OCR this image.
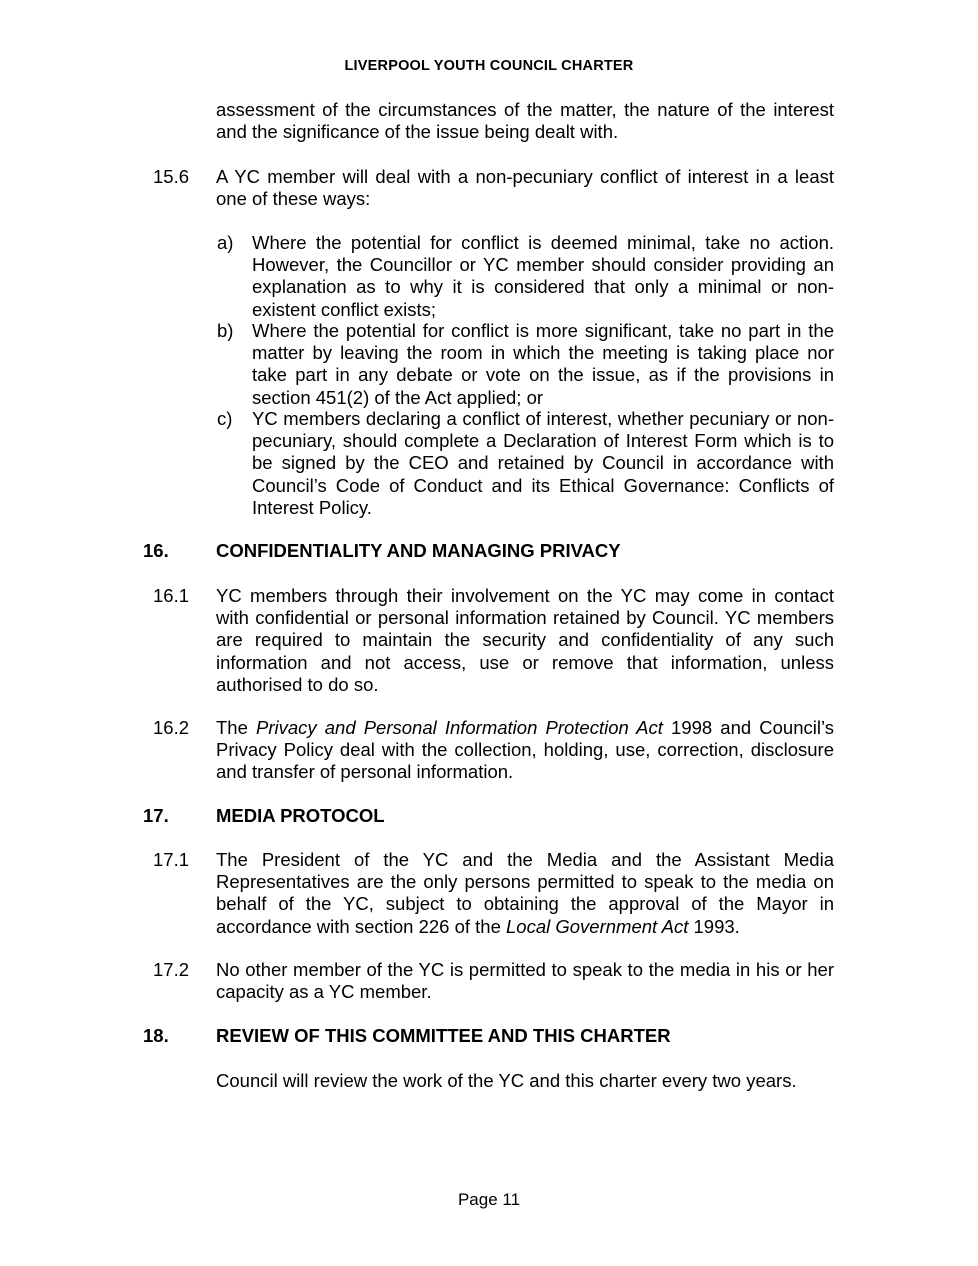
LIVERPOOL YOUTH COUNCIL CHARTER
assessment of the circumstances of the matter, the nature of the interest and the significance of the issue being dealt with.
15.6 A YC member will deal with a non-pecuniary conflict of interest in a least one of these ways:
a) Where the potential for conflict is deemed minimal, take no action. However, the Councillor or YC member should consider providing an explanation as to why it is considered that only a minimal or non-existent conflict exists;
b) Where the potential for conflict is more significant, take no part in the matter by leaving the room in which the meeting is taking place nor take part in any debate or vote on the issue, as if the provisions in section 451(2) of the Act applied; or
c) YC members declaring a conflict of interest, whether pecuniary or non-pecuniary, should complete a Declaration of Interest Form which is to be signed by the CEO and retained by Council in accordance with Council’s Code of Conduct and its Ethical Governance: Conflicts of Interest Policy.
16.	CONFIDENTIALITY AND MANAGING PRIVACY
16.1 YC members through their involvement on the YC may come in contact with confidential or personal information retained by Council. YC members are required to maintain the security and confidentiality of any such information and not access, use or remove that information, unless authorised to do so.
16.2 The Privacy and Personal Information Protection Act 1998 and Council’s Privacy Policy deal with the collection, holding, use, correction, disclosure and transfer of personal information.
17.	MEDIA PROTOCOL
17.1 The President of the YC and the Media and the Assistant Media Representatives are the only persons permitted to speak to the media on behalf of the YC, subject to obtaining the approval of the Mayor in accordance with section 226 of the Local Government Act 1993.
17.2 No other member of the YC is permitted to speak to the media in his or her capacity as a YC member.
18.	REVIEW OF THIS COMMITTEE AND THIS CHARTER
Council will review the work of the YC and this charter every two years.
Page 11
